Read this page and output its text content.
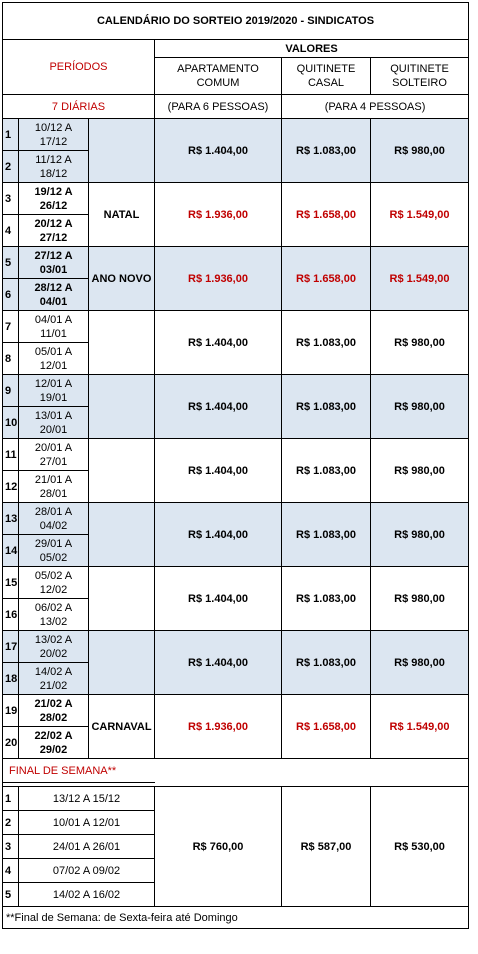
CALENDÁRIO DO SORTEIO 2019/2020 - SINDICATOS					
PERÍODOS			VALORES		
			APARTAMENTO COMUM	QUITINETE CASAL	QUITINETE SOLTEIRO
7 DIÁRIAS			(PARA 6 PESSOAS)	(PARA 4 PESSOAS)	
1	10/12 A 17/12		R$ 1.404,00	R$ 1.083,00	R$ 980,00
2	11/12 A 18/12				
3	19/12 A 26/12	NATAL	R$ 1.936,00	R$ 1.658,00	R$ 1.549,00
4	20/12 A 27/12				
5	27/12 A 03/01	ANO NOVO	R$ 1.936,00	R$ 1.658,00	R$ 1.549,00
6	28/12 A 04/01				
7	04/01 A 11/01		R$ 1.404,00	R$ 1.083,00	R$ 980,00
8	05/01 A 12/01				
9	12/01 A 19/01		R$ 1.404,00	R$ 1.083,00	R$ 980,00
10	13/01 A 20/01				
11	20/01 A 27/01		R$ 1.404,00	R$ 1.083,00	R$ 980,00
12	21/01 A 28/01				
13	28/01 A 04/02		R$ 1.404,00	R$ 1.083,00	R$ 980,00
14	29/01 A 05/02				
15	05/02 A 12/02		R$ 1.404,00	R$ 1.083,00	R$ 980,00
16	06/02 A 13/02				
17	13/02 A 20/02		R$ 1.404,00	R$ 1.083,00	R$ 980,00
18	14/02 A 21/02				
19	21/02 A 28/02	CARNAVAL	R$ 1.936,00	R$ 1.658,00	R$ 1.549,00
20	22/02 A 29/02				
FINAL DE SEMANA**					

1	13/12 A 15/12		R$ 760,00	R$ 587,00	R$ 530,00
2	10/01 A 12/01				
3	24/01 A 26/01				
4	07/02 A 09/02				
5	14/02 A 16/02				
**Final de Semana: de Sexta-feira até Domingo					
